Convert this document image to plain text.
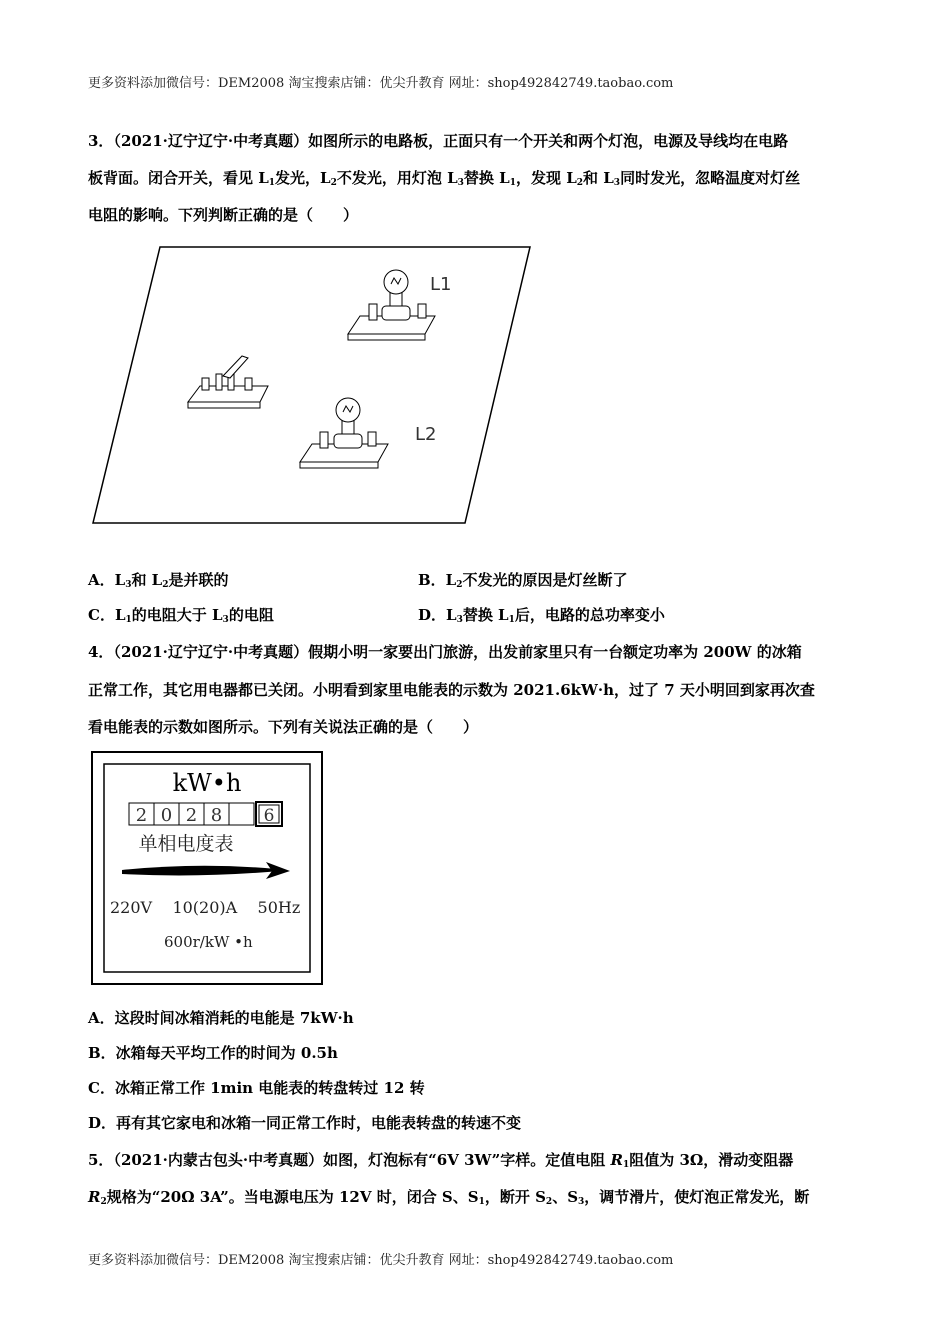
更多资料添加微信号：DEM2008 淘宝搜索店铺：优尖升教育 网址：shop492842749.taobao.com
3．（2021·辽宁辽宁·中考真题）如图所示的电路板，正面只有一个开关和两个灯泡，电源及导线均在电路
板背面。闭合开关，看见 $L_1$发光，$L_2$不发光，用灯泡 $L_3$替换 $L_1$，发现 $L_2$和 $L_3$同时发光，忽略温度对灯丝
电阻的影响。下列判断正确的是（　　）
L1
L2
A．$L_3$和 $L_2$是并联的	B．$L_2$不发光的原因是灯丝断了
C．$L_1$的电阻大于 $L_3$的电阻	D．$L_3$替换 $L_1$后，电路的总功率变小
4．（2021·辽宁辽宁·中考真题）假期小明一家要出门旅游，出发前家里只有一台额定功率为 200W 的冰箱
正常工作，其它用电器都已关闭。小明看到家里电能表的示数为 2021.6kW·h，过了 7 天小明回到家再次查
看电能表的示数如图所示。下列有关说法正确的是（　　）
kW•h
2 0 2 8 6
单相电度表
220V    10(20)A    50Hz
600r/kW •h
A．这段时间冰箱消耗的电能是 7kW·h
B．冰箱每天平均工作的时间为 0.5h
C．冰箱正常工作 1min 电能表的转盘转过 12 转
D．再有其它家电和冰箱一同正常工作时，电能表转盘的转速不变
5．（2021·内蒙古包头·中考真题）如图，灯泡标有“6V 3W”字样。定值电阻 $R_1$阻值为 3Ω，滑动变阻器
$R_2$规格为“20Ω 3A”。当电源电压为 12V 时，闭合 S、$S_1$，断开 $S_2$、$S_3$，调节滑片，使灯泡正常发光，断
更多资料添加微信号：DEM2008 淘宝搜索店铺：优尖升教育 网址：shop492842749.taobao.com
